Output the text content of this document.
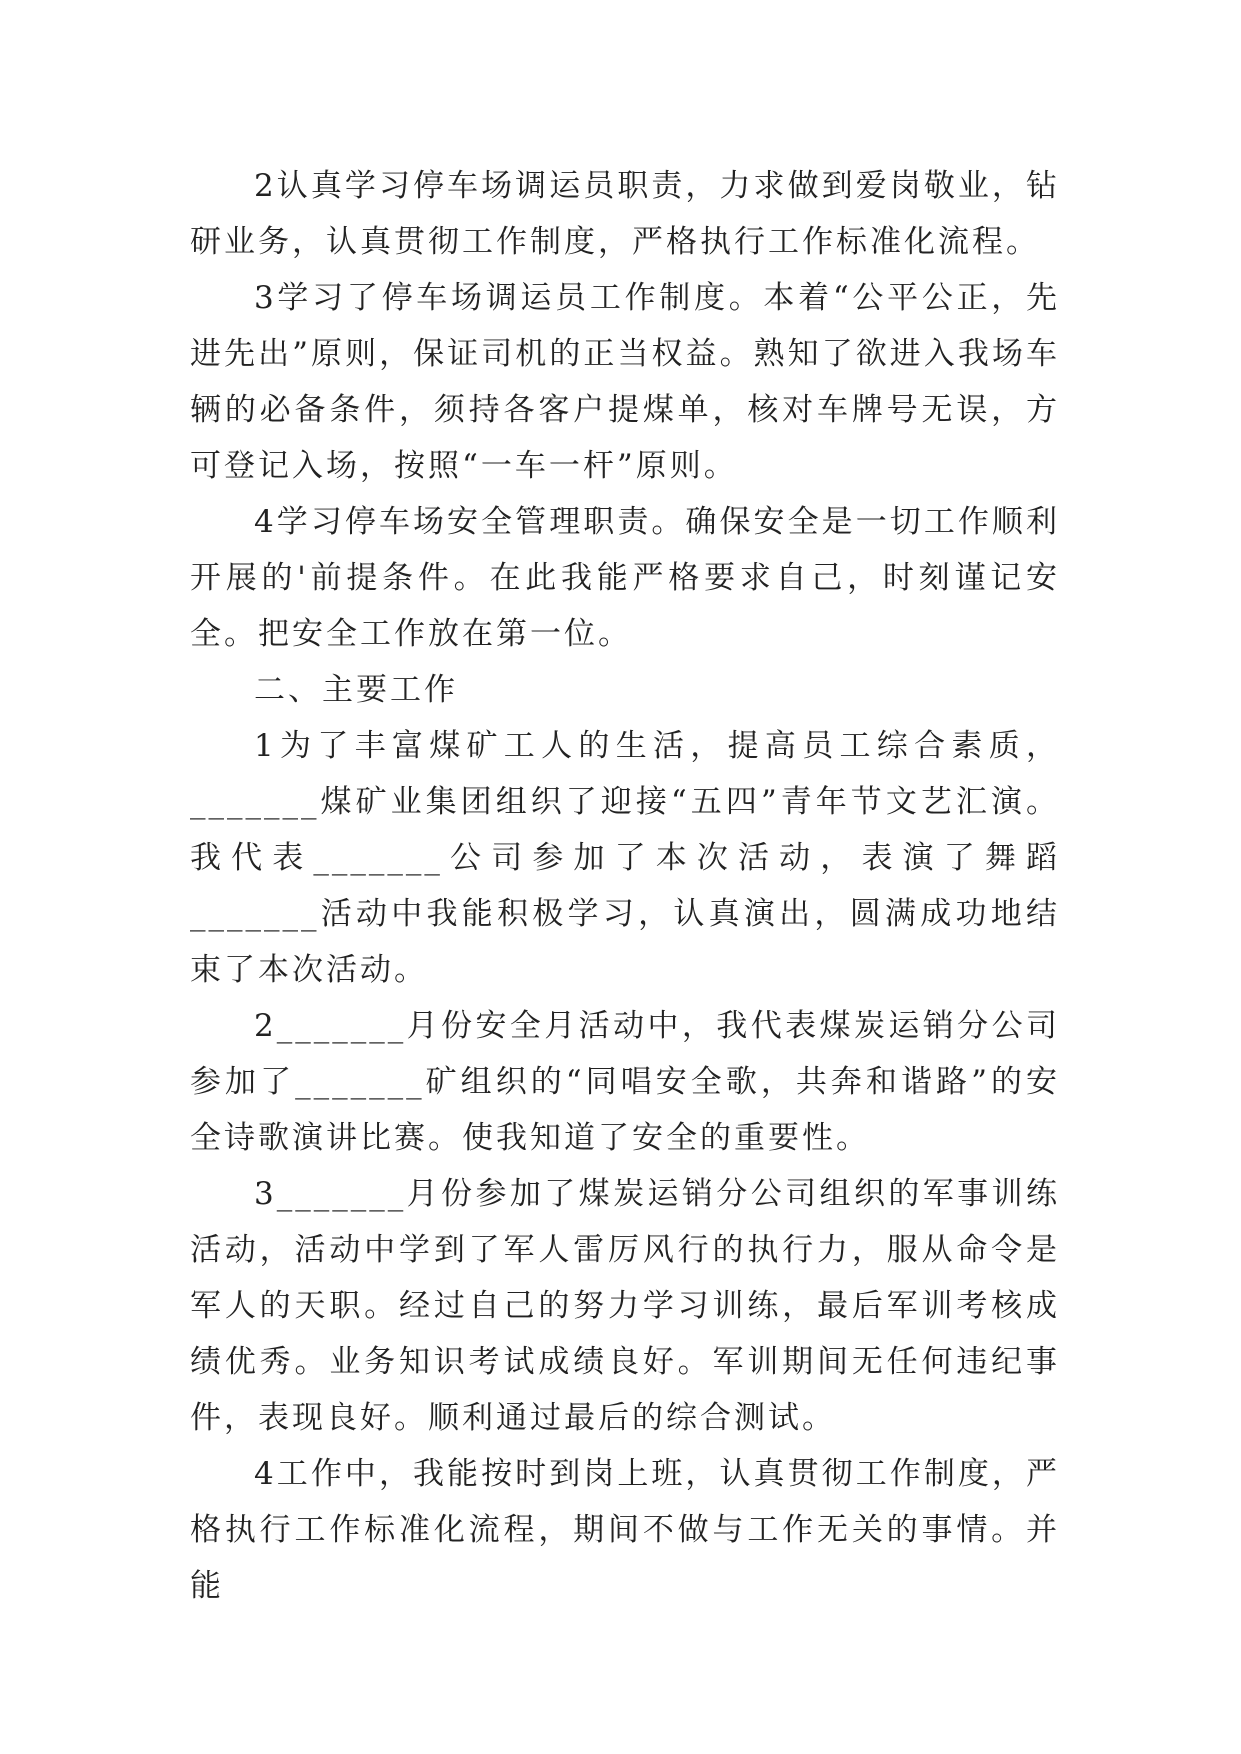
2认真学习停车场调运员职责，力求做到爱岗敬业，钻研业务，认真贯彻工作制度，严格执行工作标准化流程。

3学习了停车场调运员工作制度。本着“公平公正，先进先出”原则，保证司机的正当权益。熟知了欲进入我场车辆的必备条件，须持各客户提煤单，核对车牌号无误，方可登记入场，按照“一车一杆”原则。

4学习停车场安全管理职责。确保安全是一切工作顺利开展的'前提条件。在此我能严格要求自己，时刻谨记安全。把安全工作放在第一位。

二、主要工作

1为了丰富煤矿工人的生活，提高员工综合素质，_______煤矿业集团组织了迎接“五四”青年节文艺汇演。我代表_______公司参加了本次活动，表演了舞蹈_______活动中我能积极学习，认真演出，圆满成功地结束了本次活动。

2_______月份安全月活动中，我代表煤炭运销分公司参加了_______矿组织的“同唱安全歌，共奔和谐路”的安全诗歌演讲比赛。使我知道了安全的重要性。

3_______月份参加了煤炭运销分公司组织的军事训练活动，活动中学到了军人雷厉风行的执行力，服从命令是军人的天职。经过自己的努力学习训练，最后军训考核成绩优秀。业务知识考试成绩良好。军训期间无任何违纪事件，表现良好。顺利通过最后的综合测试。

4工作中，我能按时到岗上班，认真贯彻工作制度，严格执行工作标准化流程，期间不做与工作无关的事情。并能
